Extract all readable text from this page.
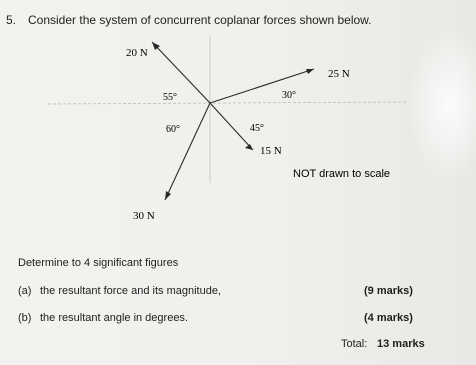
5. Consider the system of concurrent coplanar forces shown below.
20 N
25 N
15 N
30 N
55°	30°
60°	45°
NOT drawn to scale
Determine to 4 significant figures
(a) the resultant force and its magnitude,	(9 marks)
(b) the resultant angle in degrees.	(4 marks)
Total: 13 marks
